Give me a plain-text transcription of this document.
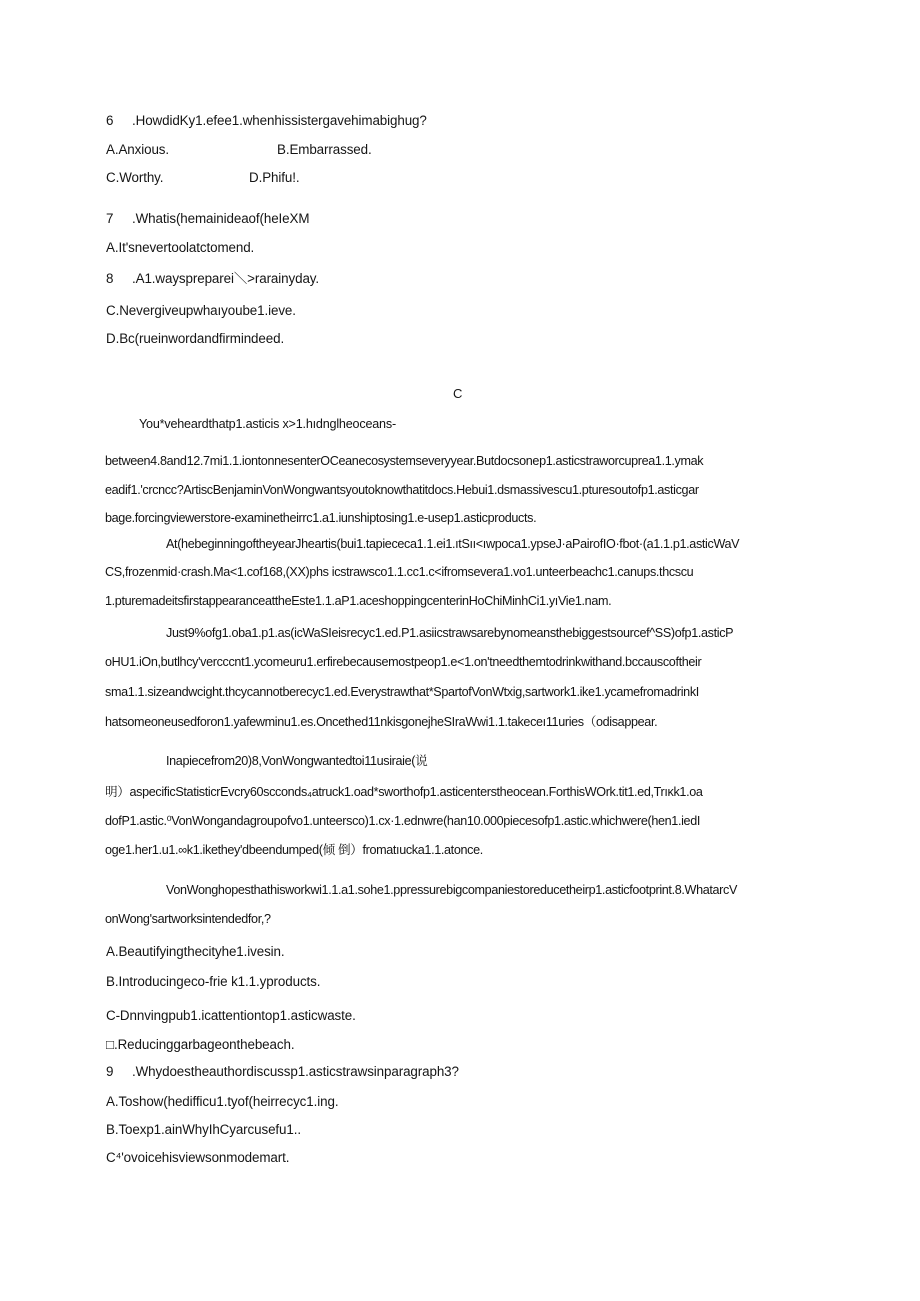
6 .HowdidKy1.efee1.whenhissistergavehimabighug?
A.Anxious.	B.Embarrassed.
C.Worthy.	D.Phifu!.
7 .Whatis(hemainideaof(heIeXM
A.It'snevertoolatctomend.
8 .A1.wayspreparei＼>rarainyday.
C.Nevergiveupwhaıyoube1.ieve.
D.Bc(rueinwordandfirmindeed.
C
You*veheardthatp1.asticis x>1.hıdnglheoceans-
between4.8and12.7mi1.1.iontonnesenterOCeanecosystemseveryyear.Butdocsonep1.asticstraworcuprea1.1.ymak
eadif1.'crcncc?ArtiscBenjaminVonWongwantsyoutoknowthatitdocs.Hebui1.dsmassivescu1.pturesoutofp1.asticgar
bage.forcingviewerstore-examinetheirrc1.a1.iunshiptosing1.e-usep1.asticproducts.
At(hebeginningoftheyearJheartis(bui1.tapiececa1.1.ei1.ıtSıı<ıwpoca1.ypseJ·aPairofIO·fbot·(a1.1.p1.asticWaV
CS,frozenmid·crash.Ma<1.cof168,(XX)phs icstrawsco1.1.cc1.c<ifromsevera1.vo1.unteerbeachc1.canups.thcscu
1.pturemadeitsfirstappearanceattheEste1.1.aP1.aceshoppingcenterinHoChiMinhCi1.yıVie1.nam.
Just9%ofg1.oba1.p1.as(icWaSIeisrecyc1.ed.P1.asiicstrawsarebynomeansthebiggestsourcef^SS)ofp1.asticP
oHU1.iOn,butlhcy'vercccnt1.ycomeuru1.erfirebecausemostpeop1.e<1.on'tneedthemtodrinkwithand.bccauscoftheir
sma1.1.sizeandwcight.thcycannotberecyc1.ed.Everystrawthat*SpartofVonWtxig,sartwork1.ike1.ycamefromadrinkI
hatsomeoneusedforon1.yafewminu1.es.Oncethed11nkisgonejheSIraWwi1.1.takeceı11uries（odisappear.
Inapiecefrom20)8,VonWongwantedtoi11usiraie(说
明）aspecificStatisticrEvcry60scconds₄atruck1.oad*sworthofp1.asticenterstheocean.ForthisWOrk.tit1.ed,Trıκk1.oa
dofP1.astic.⁰VonWongandagroupofvo1.unteersco)1.cx·1.ednwre(han10.000piecesofp1.astic.whichwere(hen1.iedI
oge1.her1.u1.∞k1.ikethey'dbeendumped(倾 倒）fromatıucka1.1.atonce.
VonWonghopesthathisworkwi1.1.a1.sohe1.ppressurebigcompaniestoreducetheirp1.asticfootprint.8.WhatarcV
onWong'sartworksintendedfor,?
A.Beautifyingthecityhe1.ivesin.
B.Introducingeco-frie k1.1.yproducts.
C-Dnnvingpub1.icattentiontop1.asticwaste.
□.Reducinggarbageonthebeach.
9 .Whydoestheauthordiscussp1.asticstrawsinparagraph3?
A.Toshow(hedifficu1.tyof(heirrecyc1.ing.
B.Toexp1.ainWhyIhCyarcusefu1..
C⁴'ovoicehisviewsonmodemart.
